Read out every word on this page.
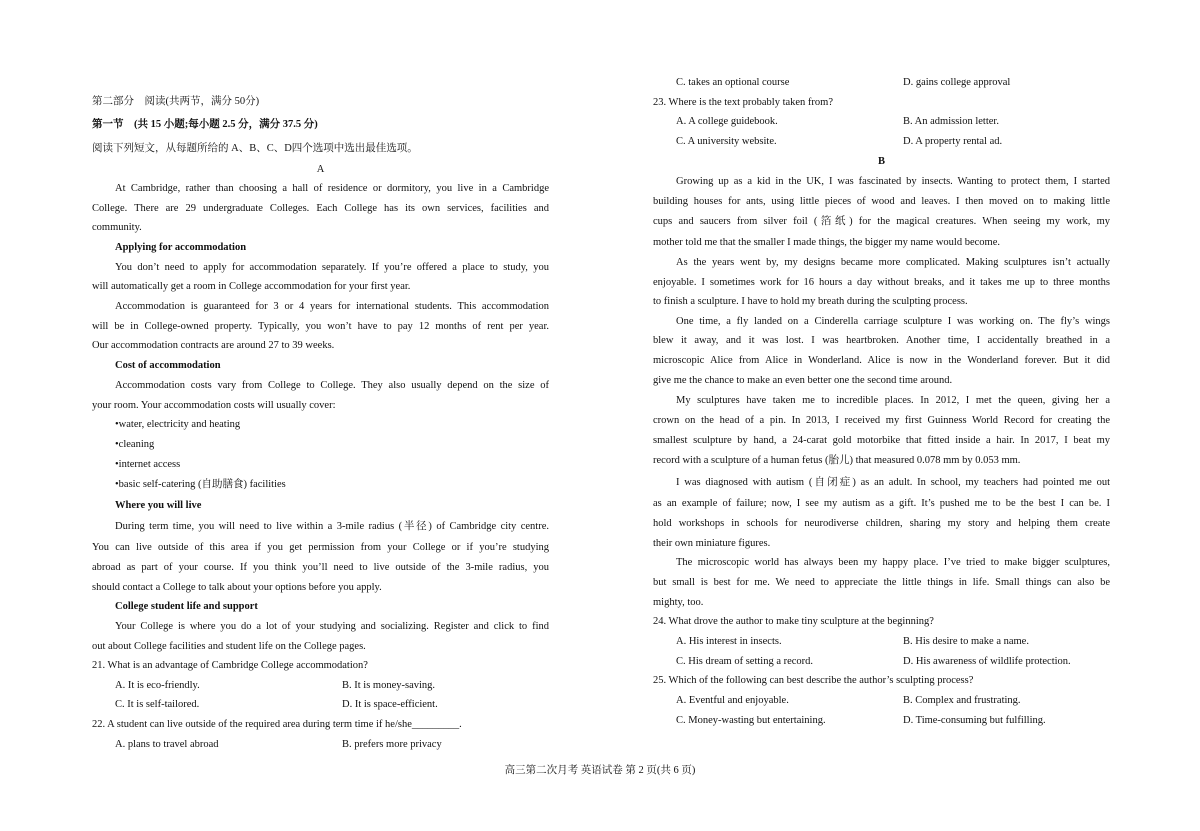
第二部分　阅读(共两节，满分 50分)
第一节　(共 15 小题;每小题 2.5 分，满分 37.5 分)
阅读下列短文，从每题所给的 A、B、C、D四个选项中选出最佳选项。
A
At Cambridge, rather than choosing a hall of residence or dormitory, you live in a Cambridge
College. There are 29 undergraduate Colleges. Each College has its own services, facilities and
community.
Applying for accommodation
You don’t need to apply for accommodation separately. If you’re offered a place to study, you
will automatically get a room in College accommodation for your first year.
Accommodation is guaranteed for 3 or 4 years for international students. This accommodation
will be in College-owned property. Typically, you won’t have to pay 12 months of rent per year.
Our accommodation contracts are around 27 to 39 weeks.
Cost of accommodation
Accommodation costs vary from College to College. They also usually depend on the size of
your room. Your accommodation costs will usually cover:
•water, electricity and heating
•cleaning
•internet access
•basic self-catering (自助膳食) facilities
Where you will live
During term time, you will need to live within a 3-mile radius (半径) of Cambridge city centre.
You can live outside of this area if you get permission from your College or if you’re studying
abroad as part of your course. If you think you’ll need to live outside of the 3-mile radius, you
should contact a College to talk about your options before you apply.
College student life and support
Your College is where you do a lot of your studying and socializing. Register and click to find
out about College facilities and student life on the College pages.
21. What is an advantage of Cambridge College accommodation?
A. It is eco-friendly.	B. It is money-saving.
C. It is self-tailored.	D. It is space-efficient.
22. A student can live outside of the required area during term time if he/she_________.
A. plans to travel abroad	B. prefers more privacy
C. takes an optional course	D. gains college approval
23. Where is the text probably taken from?
A. A college guidebook.	B. An admission letter.
C. A university website.	D. A property rental ad.
B
Growing up as a kid in the UK, I was fascinated by insects. Wanting to protect them, I started
building houses for ants, using little pieces of wood and leaves. I then moved on to making little
cups and saucers from silver foil (箔纸) for the magical creatures. When seeing my work, my
mother told me that the smaller I made things, the bigger my name would become.
As the years went by, my designs became more complicated. Making sculptures isn’t actually
enjoyable. I sometimes work for 16 hours a day without breaks, and it takes me up to three months
to finish a sculpture. I have to hold my breath during the sculpting process.
One time, a fly landed on a Cinderella carriage sculpture I was working on. The fly’s wings
blew it away, and it was lost. I was heartbroken. Another time, I accidentally breathed in a
microscopic Alice from Alice in Wonderland. Alice is now in the Wonderland forever. But it did
give me the chance to make an even better one the second time around.
My sculptures have taken me to incredible places. In 2012, I met the queen, giving her a
crown on the head of a pin. In 2013, I received my first Guinness World Record for creating the
smallest sculpture by hand, a 24-carat gold motorbike that fitted inside a hair. In 2017, I beat my
record with a sculpture of a human fetus (胎儿) that measured 0.078 mm by 0.053 mm.
I was diagnosed with autism (自闭症) as an adult. In school, my teachers had pointed me out
as an example of failure; now, I see my autism as a gift. It’s pushed me to be the best I can be. I
hold workshops in schools for neurodiverse children, sharing my story and helping them create
their own miniature figures.
The microscopic world has always been my happy place. I’ve tried to make bigger sculptures,
but small is best for me. We need to appreciate the little things in life. Small things can also be
mighty, too.
24. What drove the author to make tiny sculpture at the beginning?
A. His interest in insects.	B. His desire to make a name.
C. His dream of setting a record.	D. His awareness of wildlife protection.
25. Which of the following can best describe the author’s sculpting process?
A. Eventful and enjoyable.	B. Complex and frustrating.
C. Money-wasting but entertaining.	D. Time-consuming but fulfilling.
高三第二次月考 英语试卷 第 2 页(共 6 页)
